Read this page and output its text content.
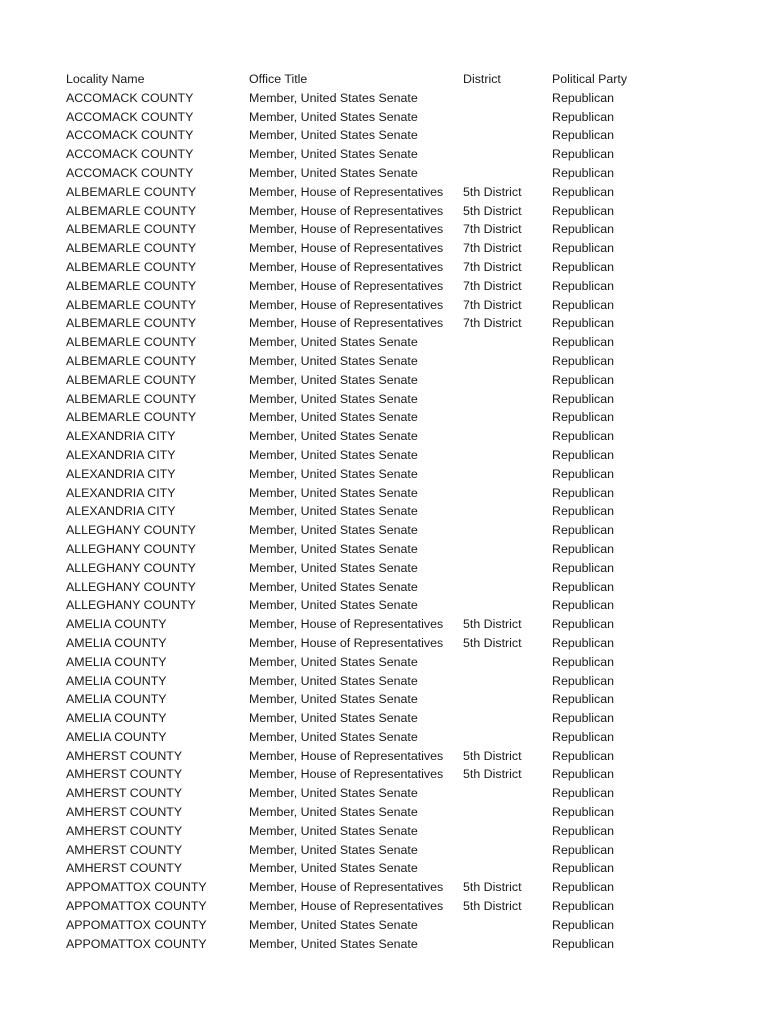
Locality Name	Office Title	District	Political Party
ACCOMACK COUNTY	Member, United States Senate		Republican
ACCOMACK COUNTY	Member, United States Senate		Republican
ACCOMACK COUNTY	Member, United States Senate		Republican
ACCOMACK COUNTY	Member, United States Senate		Republican
ACCOMACK COUNTY	Member, United States Senate		Republican
ALBEMARLE COUNTY	Member, House of Representatives	5th District	Republican
ALBEMARLE COUNTY	Member, House of Representatives	5th District	Republican
ALBEMARLE COUNTY	Member, House of Representatives	7th District	Republican
ALBEMARLE COUNTY	Member, House of Representatives	7th District	Republican
ALBEMARLE COUNTY	Member, House of Representatives	7th District	Republican
ALBEMARLE COUNTY	Member, House of Representatives	7th District	Republican
ALBEMARLE COUNTY	Member, House of Representatives	7th District	Republican
ALBEMARLE COUNTY	Member, House of Representatives	7th District	Republican
ALBEMARLE COUNTY	Member, United States Senate		Republican
ALBEMARLE COUNTY	Member, United States Senate		Republican
ALBEMARLE COUNTY	Member, United States Senate		Republican
ALBEMARLE COUNTY	Member, United States Senate		Republican
ALBEMARLE COUNTY	Member, United States Senate		Republican
ALEXANDRIA CITY	Member, United States Senate		Republican
ALEXANDRIA CITY	Member, United States Senate		Republican
ALEXANDRIA CITY	Member, United States Senate		Republican
ALEXANDRIA CITY	Member, United States Senate		Republican
ALEXANDRIA CITY	Member, United States Senate		Republican
ALLEGHANY COUNTY	Member, United States Senate		Republican
ALLEGHANY COUNTY	Member, United States Senate		Republican
ALLEGHANY COUNTY	Member, United States Senate		Republican
ALLEGHANY COUNTY	Member, United States Senate		Republican
ALLEGHANY COUNTY	Member, United States Senate		Republican
AMELIA COUNTY	Member, House of Representatives	5th District	Republican
AMELIA COUNTY	Member, House of Representatives	5th District	Republican
AMELIA COUNTY	Member, United States Senate		Republican
AMELIA COUNTY	Member, United States Senate		Republican
AMELIA COUNTY	Member, United States Senate		Republican
AMELIA COUNTY	Member, United States Senate		Republican
AMELIA COUNTY	Member, United States Senate		Republican
AMHERST COUNTY	Member, House of Representatives	5th District	Republican
AMHERST COUNTY	Member, House of Representatives	5th District	Republican
AMHERST COUNTY	Member, United States Senate		Republican
AMHERST COUNTY	Member, United States Senate		Republican
AMHERST COUNTY	Member, United States Senate		Republican
AMHERST COUNTY	Member, United States Senate		Republican
AMHERST COUNTY	Member, United States Senate		Republican
APPOMATTOX COUNTY	Member, House of Representatives	5th District	Republican
APPOMATTOX COUNTY	Member, House of Representatives	5th District	Republican
APPOMATTOX COUNTY	Member, United States Senate		Republican
APPOMATTOX COUNTY	Member, United States Senate		Republican
